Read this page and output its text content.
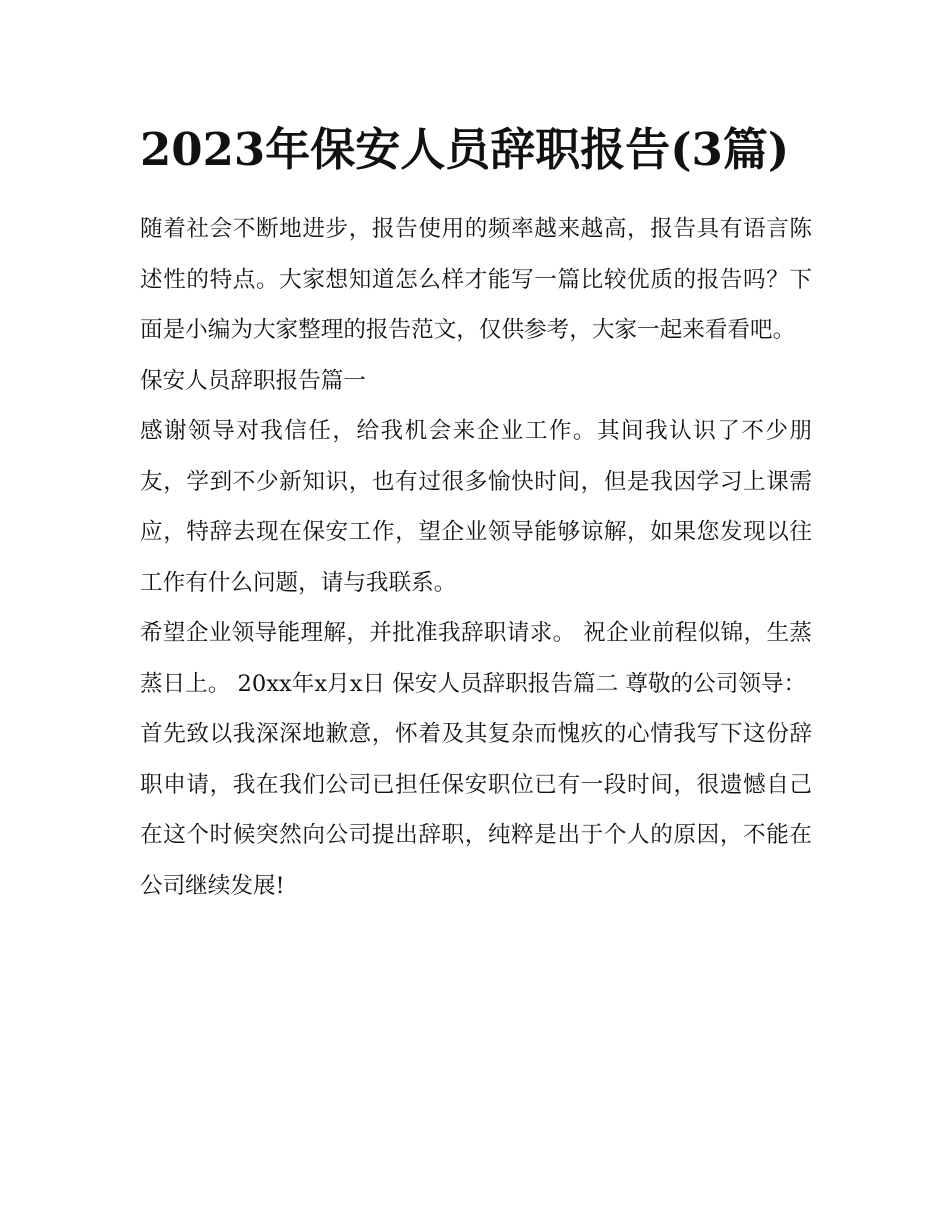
2023年保安人员辞职报告(3篇)

随着社会不断地进步，报告使用的频率越来越高，报告具有语言陈述性的特点。大家想知道怎么样才能写一篇比较优质的报告吗？下面是小编为大家整理的报告范文，仅供参考，大家一起来看看吧。

保安人员辞职报告篇一

感谢领导对我信任，给我机会来企业工作。其间我认识了不少朋友，学到不少新知识，也有过很多愉快时间，但是我因学习上课需应，特辞去现在保安工作，望企业领导能够谅解，如果您发现以往工作有什么问题，请与我联系。

希望企业领导能理解，并批准我辞职请求。 祝企业前程似锦，生蒸蒸日上。 20xx年x月x日 保安人员辞职报告篇二 尊敬的公司领导：

首先致以我深深地歉意，怀着及其复杂而愧疚的心情我写下这份辞职申请，我在我们公司已担任保安职位已有一段时间，很遗憾自己在这个时候突然向公司提出辞职，纯粹是出于个人的原因，不能在公司继续发展!
